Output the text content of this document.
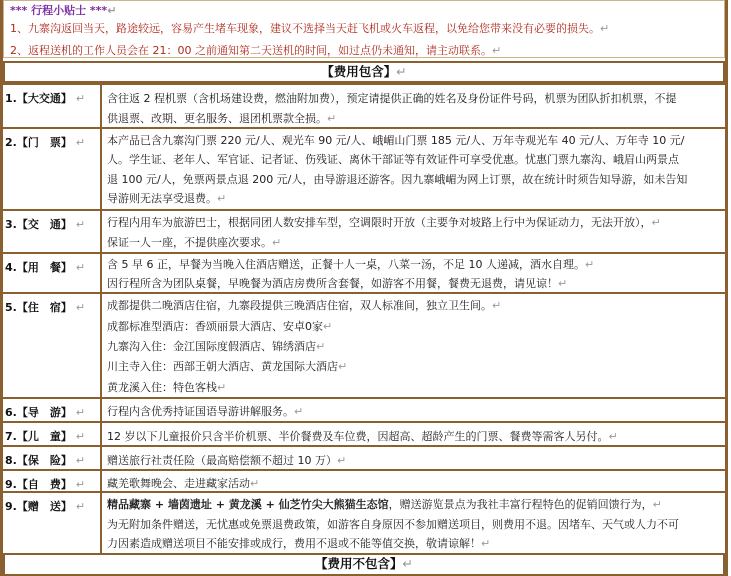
*** 行程小贴士 ***↵
1、九寨沟返回当天，路途较远，容易产生堵车现象，建议不选择当天赶飞机或火车返程，以免给您带来没有必要的损失。↵
2、返程送机的工作人员会在 21：00 之前通知第二天送机的时间，如过点仍未通知，请主动联系。↵
【费用包含】↵
1.【大交通】 ↵	含往返 2 程机票（含机场建设费，燃油附加费），预定请提供正确的姓名及身份证件号码，机票为团队折扣机票，不提
供退票、改期、更名服务、退团机票款全损。↵
2.【门　票】 ↵	本产品已含九寨沟门票 220 元/人、观光车 90 元/人、峨嵋山门票 185 元/人、万年寺观光车 40 元/人、万年寺 10 元/
人。学生证、老年人、军官证、记者证、伤残证、离休干部证等有效证件可享受优惠。忧惠门票九寨沟、峨眉山两景点
退 100 元/人，免票两景点退 200 元/人，由导游退还游客。因九寨峨嵋为网上订票，故在统计时须告知导游，如未告知
导游则无法享受退费。↵
3.【交　通】 ↵	行程内用车为旅游巴士，根据同团人数安排车型，空调限时开放（主要争对坡路上行中为保证动力，无法开放），↵
保证一人一座，不提供座次要求。↵
4.【用　餐】 ↵	含 5 早 6 正，早餐为当晚入住酒店赠送，正餐十人一桌，八菜一汤，不足 10 人递减，酒水自理。↵
因行程所含为团队桌餐，早晚餐为酒店房费所含套餐，如游客不用餐，餐费无退费，请见谅！↵
5.【住　宿】 ↵	成都提供二晚酒店住宿，九寨段提供三晚酒店住宿，双人标准间，独立卫生间。↵
成都标准型酒店：香颂丽景大酒店、安卓0家↵
九寨沟入住：金江国际度假酒店、锦绣酒店↵
川主寺入住：西部王朝大酒店、黄龙国际大酒店↵
黄龙溪入住：特色客栈↵
6.【导　游】 ↵	行程内含优秀持证国语导游讲解服务。↵
7.【儿　童】 ↵	12 岁以下儿童报价只含半价机票、半价餐费及车位费，因超高、超龄产生的门票、餐费等需客人另付。↵
8.【保　险】 ↵	赠送旅行社责任险（最高赔偿额不超过 10 万）↵
9.【自　费】 ↵	藏羌歌舞晚会、走进藏家活动↵
9.【赠　送】 ↵	精品藏寨 + 墙茵遗址 + 黄龙溪 + 仙芝竹尖大熊猫生态馆，赠送游览景点为我社丰富行程特色的促销回馈行为，↵
为无附加条件赠送，无忧惠或免票退费政策，如游客自身原因不参加赠送项目，则费用不退。因堵车、天气或人力不可
力因素造成赠送项目不能安排或成行，费用不退或不能等值交换，敬请谅解！↵
【费用不包含】↵
